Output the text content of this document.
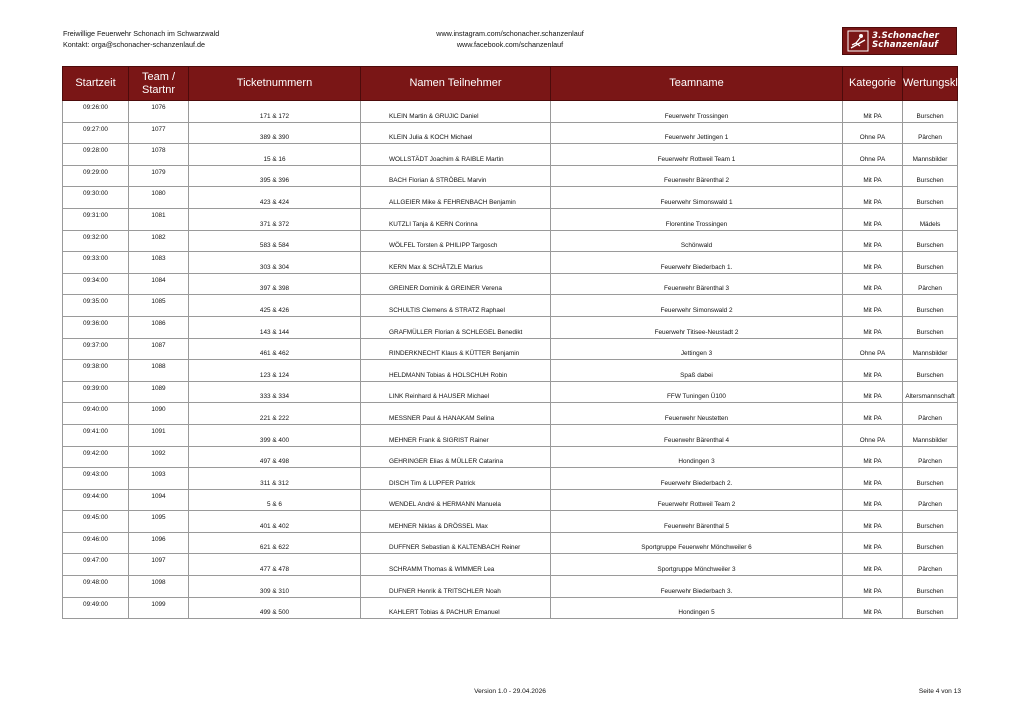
Freiwillige Feuerwehr Schonach im Schwarzwald
Kontakt: orga@schonacher-schanzenlauf.de
www.instagram.com/schonacher.schanzenlauf
www.facebook.com/schanzenlauf
3.Schonacher
Schanzenlauf
Startzeit	Team / Startnr	Ticketnummern	Namen Teilnehmer	Teamname	Kategorie	Wertungsklasse

09:26:00	1076	171 & 172	KLEIN Martin & GRUJIC Daniel	Feuerwehr Trossingen	Mit PA	Burschen

09:27:00	1077	389 & 390	KLEIN Julia & KOCH Michael	Feuerwehr Jettingen 1	Ohne PA	Pärchen

09:28:00	1078	15 & 16	WOLLSTÄDT Joachim & RAIBLE Martin	Feuerwehr Rottweil Team 1	Ohne PA	Mannsbilder

09:29:00	1079	395 & 396	BACH Florian & STRÖBEL Marvin	Feuerwehr Bärenthal 2	Mit PA	Burschen

09:30:00	1080	423 & 424	ALLGEIER Mike & FEHRENBACH Benjamin	Feuerwehr Simonswald 1	Mit PA	Burschen

09:31:00	1081	371 & 372	KUTZLI Tanja & KERN Corinna	Florentine Trossingen	Mit PA	Mädels

09:32:00	1082	583 & 584	WÖLFEL Torsten & PHILIPP Targosch	Schönwald	Mit PA	Burschen

09:33:00	1083	303 & 304	KERN Max & SCHÄTZLE Marius	Feuerwehr Biederbach 1.	Mit PA	Burschen

09:34:00	1084	397 & 398	GREINER Dominik & GREINER Verena	Feuerwehr Bärenthal 3	Mit PA	Pärchen

09:35:00	1085	425 & 426	SCHULTIS Clemens & STRATZ Raphael	Feuerwehr Simonswald 2	Mit PA	Burschen

09:36:00	1086	143 & 144	GRAFMÜLLER Florian & SCHLEGEL Benedikt	Feuerwehr Titisee-Neustadt 2	Mit PA	Burschen

09:37:00	1087	461 & 462	RINDERKNECHT Klaus & KÜTTER Benjamin	Jettingen 3	Ohne PA	Mannsbilder

09:38:00	1088	123 & 124	HELDMANN Tobias & HOLSCHUH Robin	Spaß dabei	Mit PA	Burschen

09:39:00	1089	333 & 334	LINK Reinhard & HAUSER Michael	FFW Tuningen Ü100	Mit PA	Altersmannschaft

09:40:00	1090	221 & 222	MESSNER Paul & HANAKAM Selina	Feuerwehr Neustetten	Mit PA	Pärchen

09:41:00	1091	399 & 400	MEHNER Frank & SIGRIST Rainer	Feuerwehr Bärenthal 4	Ohne PA	Mannsbilder

09:42:00	1092	497 & 498	GEHRINGER Elias & MÜLLER Catarina	Hondingen 3	Mit PA	Pärchen

09:43:00	1093	311 & 312	DISCH Tim & LUPFER Patrick	Feuerwehr Biederbach 2.	Mit PA	Burschen

09:44:00	1094	5 & 6	WENDEL André & HERMANN Manuela	Feuerwehr Rottweil Team 2	Mit PA	Pärchen

09:45:00	1095	401 & 402	MEHNER Niklas & DRÖSSEL Max	Feuerwehr Bärenthal 5	Mit PA	Burschen

09:46:00	1096	621 & 622	DUFFNER Sebastian & KALTENBACH Reiner	Sportgruppe Feuerwehr Mönchweiler 6	Mit PA	Burschen

09:47:00	1097	477 & 478	SCHRAMM Thomas & WIMMER Lea	Sportgruppe Mönchweiler 3	Mit PA	Pärchen

09:48:00	1098	309 & 310	DUFNER Henrik & TRITSCHLER Noah	Feuerwehr Biederbach 3.	Mit PA	Burschen

09:49:00	1099	499 & 500	KAHLERT Tobias & PACHUR Emanuel	Hondingen 5	Mit PA	Burschen
Version 1.0 - 29.04.2026	Seite 4 von 13
